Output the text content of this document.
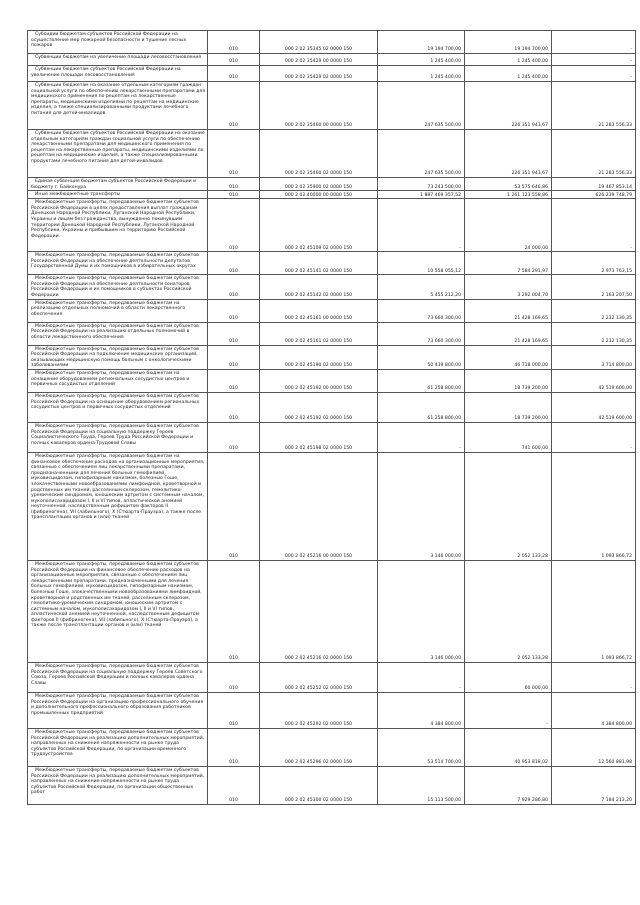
Субсидии бюджетам субъектов Российской Федерации на осуществление мер пожарной безопасности и тушение лесных пожаров	010	000 2 02 35345 02 0000 150	19 194 700,00	19 194 700,00	-

Субвенции бюджетам на увеличение площади лесовосстановления	010	000 2 02 35429 00 0000 150	1 245 400,00	1 245 400,00	-

Субвенции бюджетам субъектов Российской Федерации на увеличение площади лесовосстановления	010	000 2 02 35429 02 0000 150	1 245 400,00	1 245 400,00	-

Субвенции бюджетам на оказание отдельным категориям граждан социальной услуги по обеспечению лекарственными препаратами для медицинского применения по рецептам на лекарственные препараты, медицинскими изделиями по рецептам на медицинские изделия, а также специализированными продуктами лечебного питания для детей-инвалидов	010	000 2 02 35460 00 0000 150	247 635 500,00	226 351 943,67	21 283 556,33

Субвенции бюджетам субъектов Российской Федерации на оказание отдельным категориям граждан социальной услуги по обеспечению лекарственными препаратами для медицинского применения по рецептам на лекарственные препараты, медицинскими изделиями по рецептам на медицинские изделия, а также специализированными продуктами лечебного питания для детей-инвалидов	010	000 2 02 35460 02 0000 150	247 635 500,00	226 351 943,67	21 283 556,33

Единая субвенция бюджетам субъектов Российской Федерации и бюджету г. Байконура	010	000 2 02 35900 02 0000 150	73 243 500,00	53 575 646,86	19 467 853,14

Иные межбюджетные трансферты	010	000 2 02 40000 00 0000 150	1 887 469 357,52	1 261 123 558,86	626 239 748,79

Межбюджетные трансферты, передаваемые бюджетам субъектов Российской Федерации в целях предоставления выплат гражданам Донецкой Народной Республики, Луганской Народной Республики, Украины и лицам без гражданства, вынужденно покинувшим территории Донецкой Народной Республики, Луганской Народной Республики, Украины и прибывшим на территорию Российской Федерации	010	000 2 02 45109 02 0000 150	-	24 000,00	-

Межбюджетные трансферты, передаваемые бюджетам субъектов Российской Федерации на обеспечение деятельности депутатов Государственной Думы и их помощников в избирательных округах	010	000 2 02 45141 02 0000 150	10 558 055,12	7 584 291,97	2 973 763,15

Межбюджетные трансферты, передаваемые бюджетам субъектов Российской Федерации на обеспечение деятельности сенаторов Российской Федерации и их помощников в субъектах Российской Федерации	010	000 2 02 45142 02 0000 150	5 455 212,20	3 292 004,70	2 163 207,50

Межбюджетные трансферты, передаваемые бюджетам на реализацию отдельных полномочий в области лекарственного обеспечения	010	000 2 02 45161 00 0000 150	73 660 300,00	21 428 169,65	2 232 130,35

Межбюджетные трансферты, передаваемые бюджетам субъектов Российской Федерации на реализацию отдельных полномочий в области лекарственного обеспечения	010	000 2 02 45161 02 0000 150	73 660 300,00	21 428 169,65	2 232 130,35

Межбюджетные трансферты, передаваемые бюджетам субъектов Российской Федерации на подключение медицинских организаций, оказывающих медицинскую помощь больным с онкологическими заболеваниями	010	000 2 02 45190 02 0000 150	50 439 800,00	46 718 000,00	3 714 800,00

Межбюджетные трансферты, передаваемые бюджетам на оснащение оборудованием региональных сосудистых центров и первичных сосудистых отделений	010	000 2 02 45192 00 0000 150	61 258 800,00	18 739 200,00	42 519 600,00

Межбюджетные трансферты, передаваемые бюджетам субъектов Российской Федерации на оснащение оборудованием региональных сосудистых центров и первичных сосудистых отделений	010	000 2 02 45192 02 0000 150	61 258 800,00	18 739 200,00	42 519 600,00

Межбюджетные трансферты, передаваемые бюджетам субъектов Российской Федерации на социальную поддержку Героев Социалистического Труда, Героев Труда Российской Федерации и полных кавалеров ордена Трудовой Славы	010	000 2 02 45198 02 0000 150	-	741 600,00	-

Межбюджетные трансферты, передаваемые бюджетам на финансовое обеспечение расходов на организационные мероприятия, связанные с обеспечением лиц лекарственными препаратами, предназначенными для лечения больных гемофилией, муковисцидозом, гипофизарным нанизмом, болезнью Гоше, злокачественными новообразованиями лимфоидной, кроветворной и родственных им тканей, рассеянным склерозом, гемолитико-уремическим синдромом, юношеским артритом с системным началом, мукополисахаридозом I, II и VI типов, апластической анемией неуточненной, наследственным дефицитом факторов II (фибриногена), VII (лабильного), X (Стюарта-Прауэра), а также после трансплантации органов и (или) тканей	010	000 2 02 45216 00 0000 150	3 146 000,00	2 052 133,28	1 093 866,72

Межбюджетные трансферты, передаваемые бюджетам субъектов Российской Федерации на финансовое обеспечение расходов на организационные мероприятия, связанные с обеспечением лиц лекарственными препаратами, предназначенными для лечения больных гемофилией, муковисцидозом, гипофизарным нанизмом, болезнью Гоше, злокачественными новообразованиями лимфоидной, кроветворной и родственных им тканей, рассеянным склерозом, гемолитико-уремическим синдромом, юношеским артритом с системным началом, мукополисахаридозом I, II и VI типов, апластической анемией неуточненной, наследственным дефицитом факторов II (фибриногена), VII (лабильного), X (Стюарта-Прауэра), а также после трансплантации органов и (или) тканей	010	000 2 02 45216 02 0000 150	3 146 000,00	2 052 133,28	1 093 866,72

Межбюджетные трансферты, передаваемые бюджетам субъектов Российской Федерации на социальную поддержку Героев Советского Союза, Героев Российской Федерации и полных кавалеров ордена Славы	010	000 2 02 45252 02 0000 150	-	60 000,00	-

Межбюджетные трансферты, передаваемые бюджетам субъектов Российской Федерации на организацию профессионального обучения и дополнительного профессионального образования работников промышленных предприятий	010	000 2 02 45292 02 0000 150	4 384 800,00	-	4 384 800,00

Межбюджетные трансферты, передаваемые бюджетам субъектов Российской Федерации на реализацию дополнительных мероприятий, направленных на снижение напряженности на рынке труда субъектов Российской Федерации, по организации временного трудоустройства	010	000 2 02 45296 02 0000 150	53 514 700,00	40 953 818,02	12 560 881,98

Межбюджетные трансферты, передаваемые бюджетам субъектов Российской Федерации на реализацию дополнительных мероприятий, направленных на снижение напряженности на рынке труда субъектов Российской Федерации, по организации общественных работ	010	000 2 02 45300 02 0000 150	15 113 500,00	7 929 286,80	7 184 213,20
